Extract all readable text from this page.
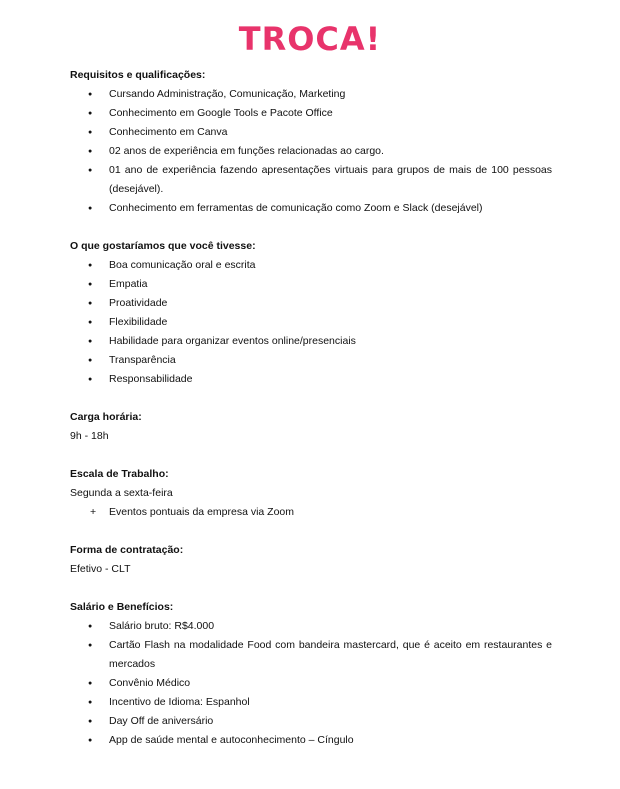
TROCA!
Requisitos e qualificações:
● Cursando Administração, Comunicação, Marketing
● Conhecimento em Google Tools e Pacote Office
● Conhecimento em Canva
● 02 anos de experiência em funções relacionadas ao cargo.
● 01 ano de experiência fazendo apresentações virtuais para grupos de mais de 100 pessoas (desejável).
● Conhecimento em ferramentas de comunicação como Zoom e Slack (desejável)
O que gostaríamos que você tivesse:
● Boa comunicação oral e escrita
● Empatia
● Proatividade
● Flexibilidade
● Habilidade para organizar eventos online/presenciais
● Transparência
● Responsabilidade
Carga horária:
9h - 18h
Escala de Trabalho:
Segunda a sexta-feira
+ Eventos pontuais da empresa via Zoom
Forma de contratação:
Efetivo - CLT
Salário e Benefícios:
● Salário bruto: R$4.000
● Cartão Flash na modalidade Food com bandeira mastercard, que é aceito em restaurantes e mercados
● Convênio Médico
● Incentivo de Idioma: Espanhol
● Day Off de aniversário
● App de saúde mental e autoconhecimento – Cíngulo
